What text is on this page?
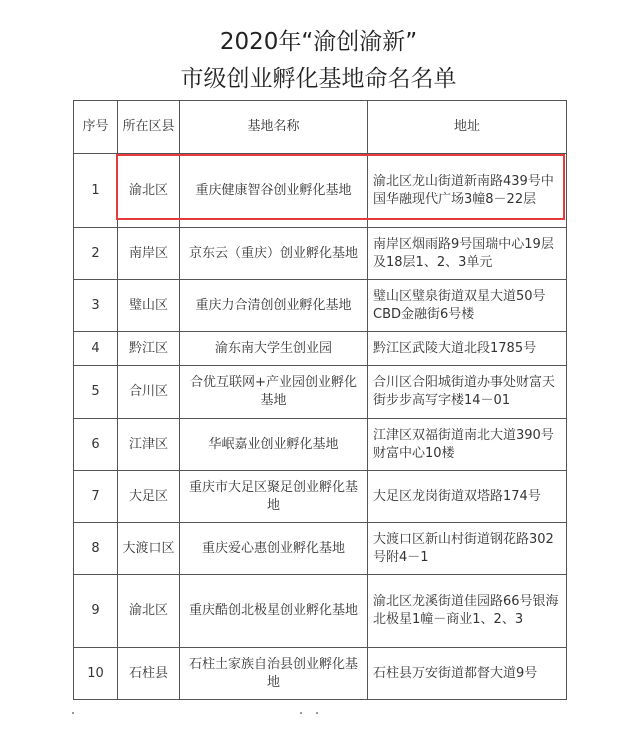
2020年“渝创渝新”
市级创业孵化基地命名名单
序号	所在区县	基地名称	地址
1	渝北区	重庆健康智谷创业孵化基地	渝北区龙山街道新南路439号中国华融现代广场3幢8－22层
2	南岸区	京东云（重庆）创业孵化基地	南岸区烟雨路9号国瑞中心19层及18层1、2、3单元
3	璧山区	重庆力合清创创业孵化基地	璧山区璧泉街道双星大道50号CBD金融街6号楼
4	黔江区	渝东南大学生创业园	黔江区武陵大道北段1785号
5	合川区	合优互联网+产业园创业孵化基地	合川区合阳城街道办事处财富天街步步高写字楼14－01
6	江津区	华岷嘉业创业孵化基地	江津区双福街道南北大道390号财富中心10楼
7	大足区	重庆市大足区聚足创业孵化基地	大足区龙岗街道双塔路174号
8	大渡口区	重庆爱心惠创业孵化基地	大渡口区新山村街道钢花路302号附4－1
9	渝北区	重庆酷创北极星创业孵化基地	渝北区龙溪街道佳园路66号银海北极星1幢－商业1、2、3
10	石柱县	石柱土家族自治县创业孵化基地	石柱县万安街道都督大道9号
